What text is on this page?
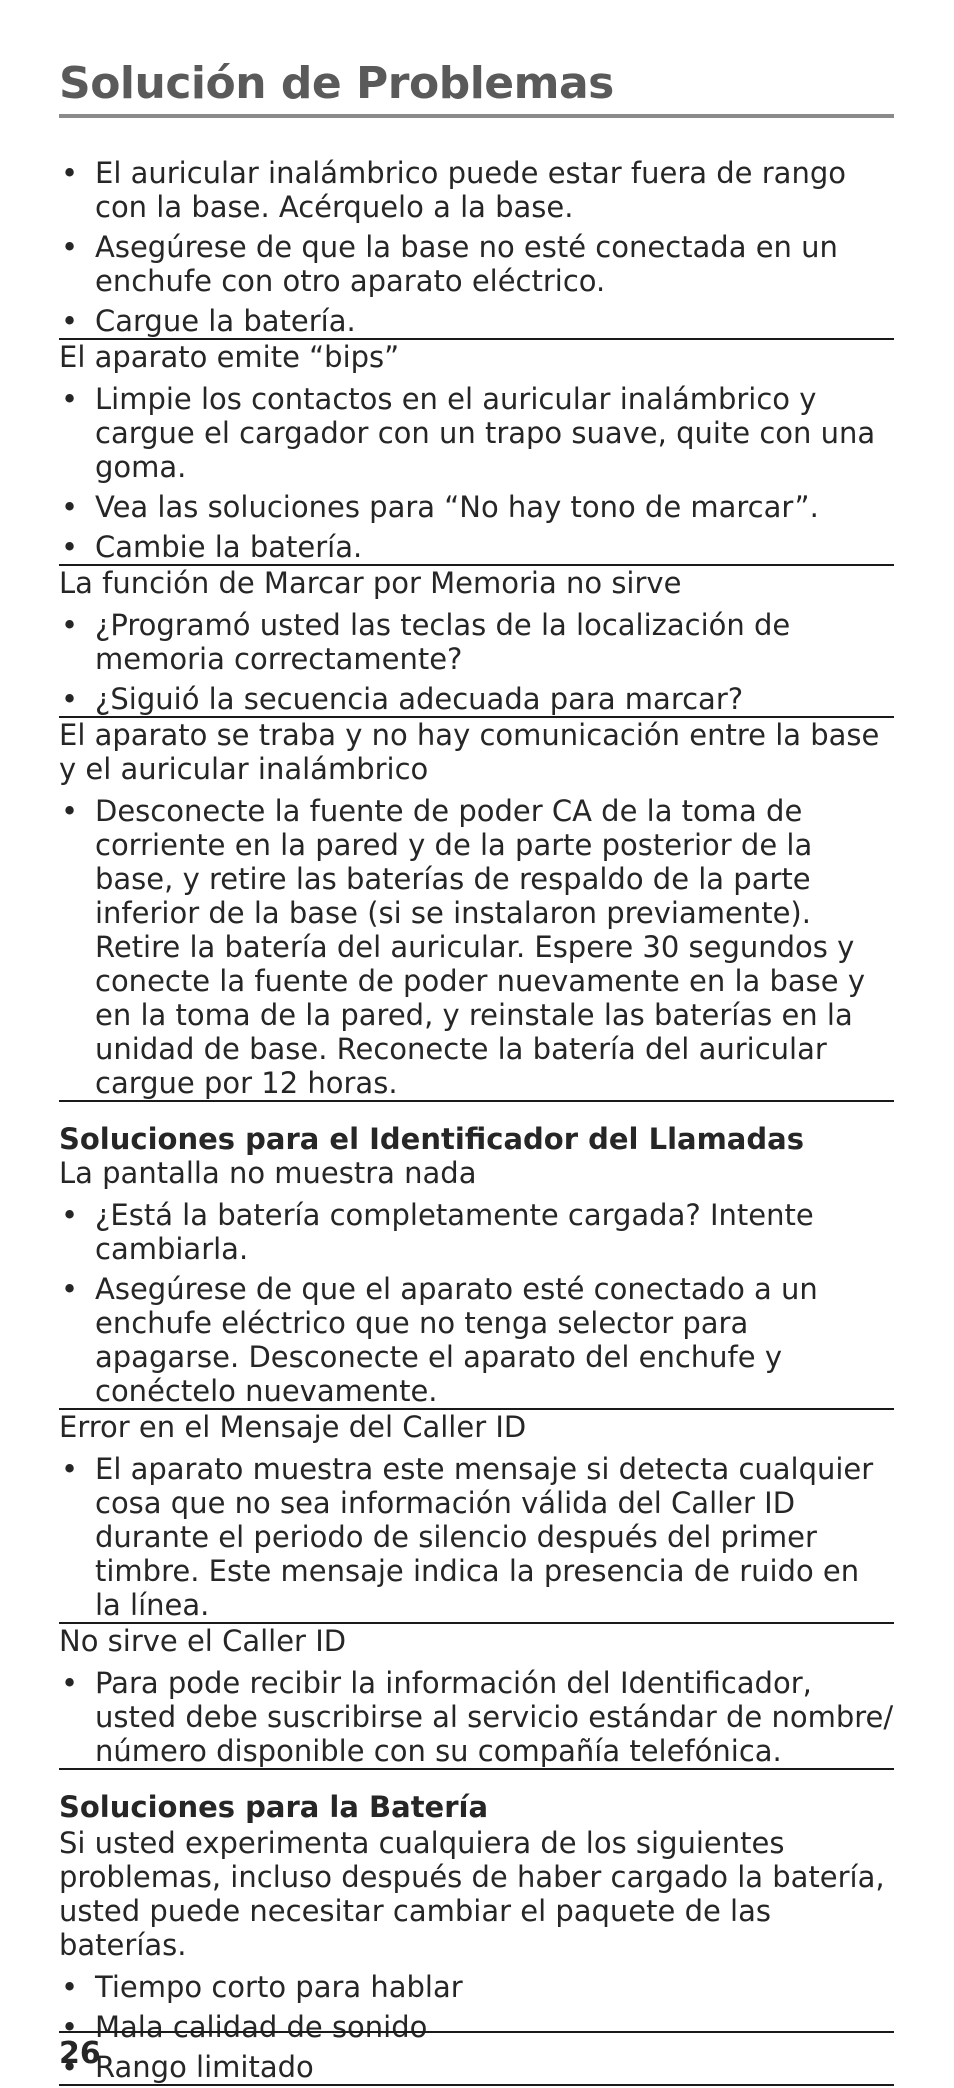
Solución de Problemas
• El auricular inalámbrico puede estar fuera de rango con la base. Acérquelo a la base.
• Asegúrese de que la base no esté conectada en un enchufe con otro aparato eléctrico.
• Cargue la batería.
El aparato emite “bips”
• Limpie los contactos en el auricular inalámbrico y cargue el cargador con un trapo suave, quite con una goma.
• Vea las soluciones para “No hay tono de marcar”.
• Cambie la batería.
La función de Marcar por Memoria no sirve
• ¿Programó usted las teclas de la localización de memoria correctamente?
• ¿Siguió la secuencia adecuada para marcar?
El aparato se traba y no hay comunicación entre la base y el auricular inalámbrico
• Desconecte la fuente de poder CA de la toma de corriente en la pared y de la parte posterior de la base, y retire las baterías de respaldo de la parte inferior de la base (si se instalaron previamente). Retire la batería del auricular. Espere 30 segundos y conecte la fuente de poder nuevamente en la base y en la toma de la pared, y reinstale las baterías en la unidad de base. Reconecte la batería del auricular cargue por 12 horas.
Soluciones para el Identificador del Llamadas
La pantalla no muestra nada
• ¿Está la batería completamente cargada? Intente cambiarla.
• Asegúrese de que el aparato esté conectado a un enchufe eléctrico que no tenga selector para apagarse. Desconecte el aparato del enchufe y conéctelo nuevamente.
Error en el Mensaje del Caller ID
• El aparato muestra este mensaje si detecta cualquier cosa que no sea información válida del Caller ID durante el periodo de silencio después del primer timbre. Este mensaje indica la presencia de ruido en la línea.
No sirve el Caller ID
• Para pode recibir la información del Identificador, usted debe suscribirse al servicio estándar de nombre/ número disponible con su compañía telefónica.
Soluciones para la Batería
Si usted experimenta cualquiera de los siguientes problemas, incluso después de haber cargado la batería, usted puede necesitar cambiar el paquete de las baterías.
• Tiempo corto para hablar
• Mala calidad de sonido
• Rango limitado
26
